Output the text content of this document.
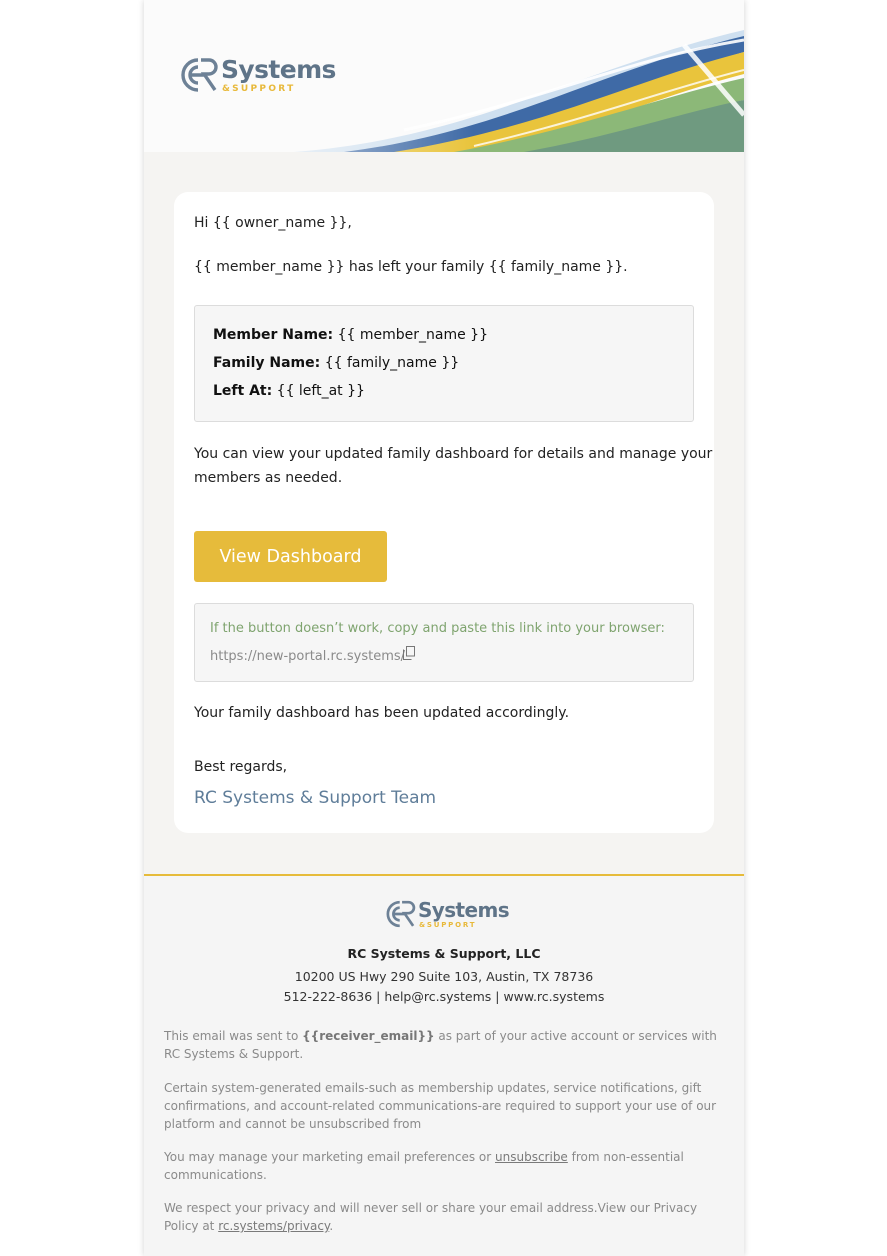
Systems
&SUPPORT
Hi {{ owner_name }},
{{ member_name }} has left your family {{ family_name }}.
Member Name: {{ member_name }}
Family Name: {{ family_name }}
Left At: {{ left_at }}
You can view your updated family dashboard for details and manage your
members as needed.
View Dashboard
If the button doesn’t work, copy and paste this link into your browser:
https://new-portal.rc.systems/
Your family dashboard has been updated accordingly.
Best regards,
RC Systems & Support Team
Systems
&SUPPORT
RC Systems & Support, LLC
10200 US Hwy 290 Suite 103, Austin, TX 78736
512-222-8636 | help@rc.systems | www.rc.systems
This email was sent to {{receiver_email}} as part of your active account or services with RC Systems & Support.
Certain system-generated emails-such as membership updates, service notifications, gift confirmations, and account-related communications-are required to support your use of our platform and cannot be unsubscribed from
You may manage your marketing email preferences or unsubscribe from non-essential communications.
We respect your privacy and will never sell or share your email address.View our Privacy Policy at rc.systems/privacy.
